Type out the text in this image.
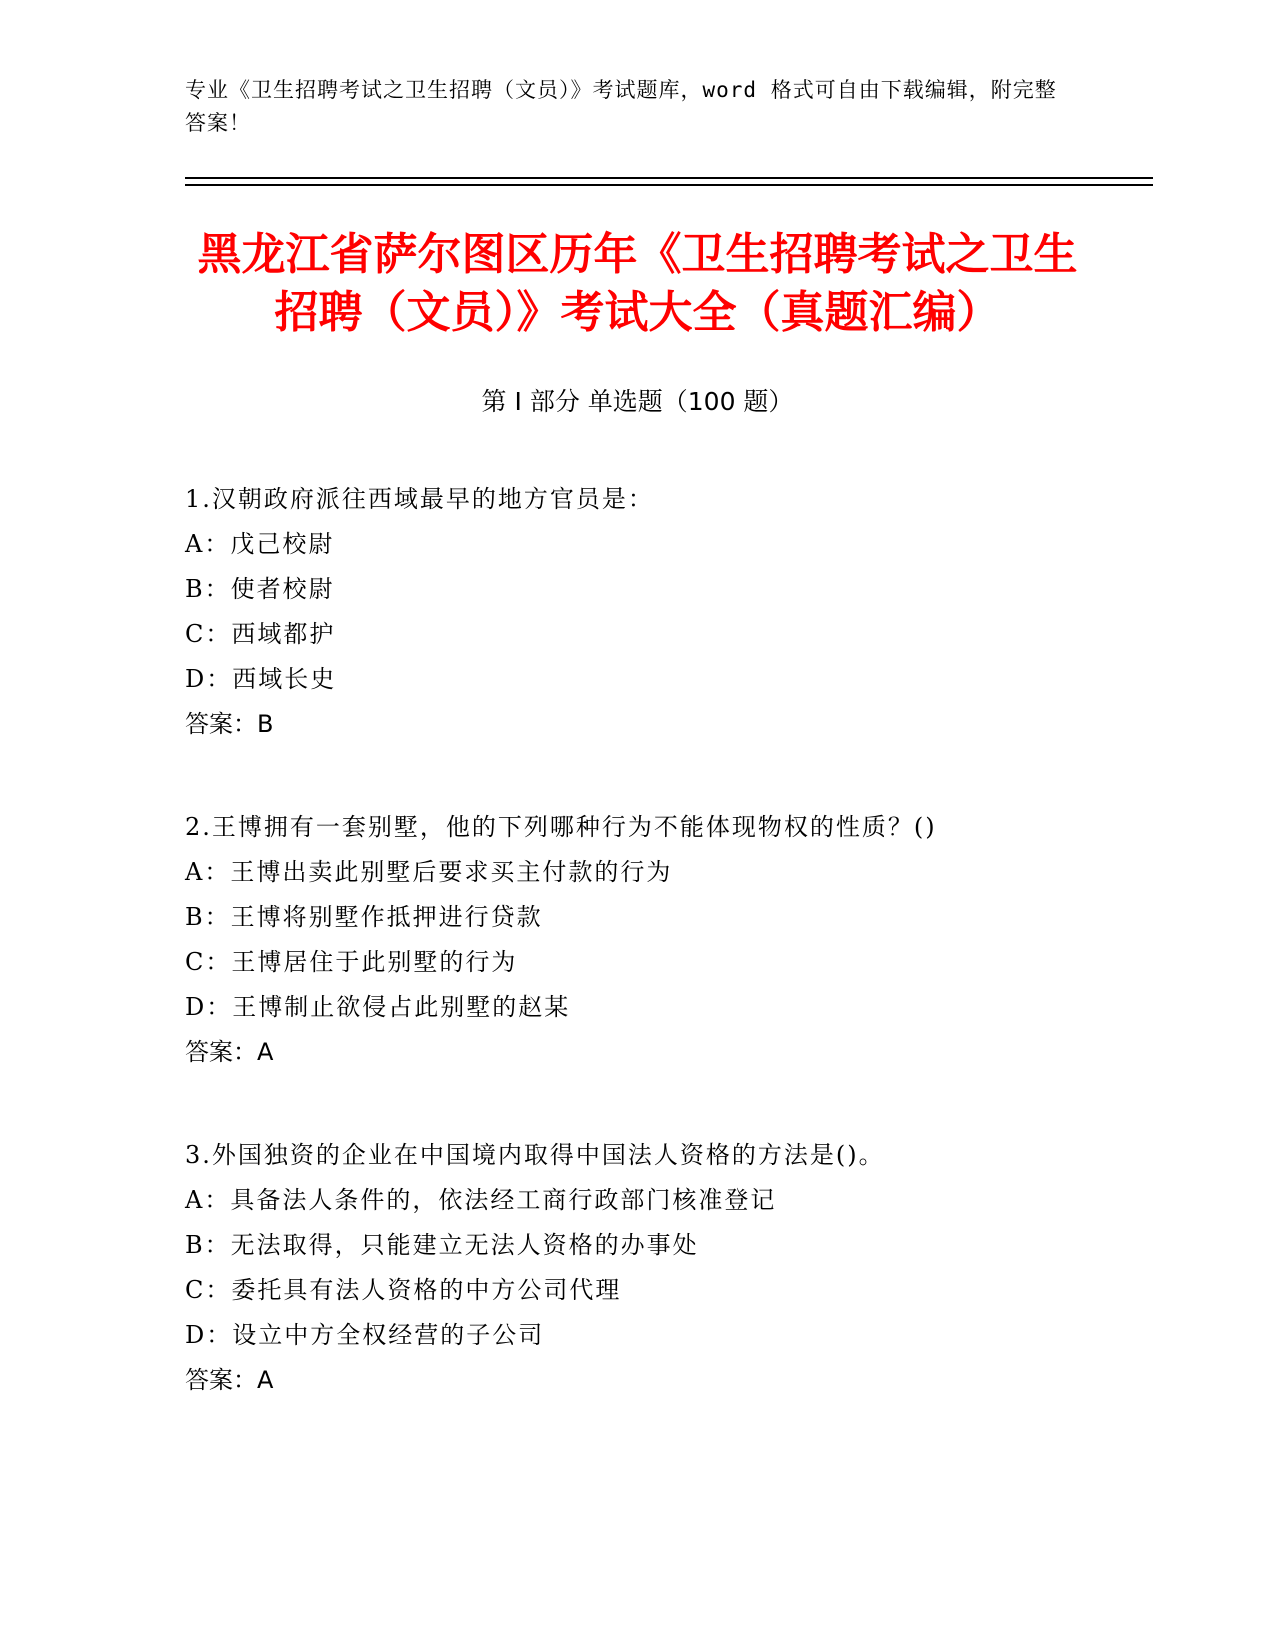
专业《卫生招聘考试之卫生招聘（文员）》考试题库，word 格式可自由下载编辑，附完整答案！
黑龙江省萨尔图区历年《卫生招聘考试之卫生招聘（文员）》考试大全（真题汇编）
第 I 部分 单选题（100 题）
1.汉朝政府派往西域最早的地方官员是：
A：戊己校尉
B：使者校尉
C：西域都护
D：西域长史
答案：B
2.王博拥有一套别墅，他的下列哪种行为不能体现物权的性质？()
A：王博出卖此别墅后要求买主付款的行为
B：王博将别墅作抵押进行贷款
C：王博居住于此别墅的行为
D：王博制止欲侵占此别墅的赵某
答案：A
3.外国独资的企业在中国境内取得中国法人资格的方法是()。
A：具备法人条件的，依法经工商行政部门核准登记
B：无法取得，只能建立无法人资格的办事处
C：委托具有法人资格的中方公司代理
D：设立中方全权经营的子公司
答案：A
